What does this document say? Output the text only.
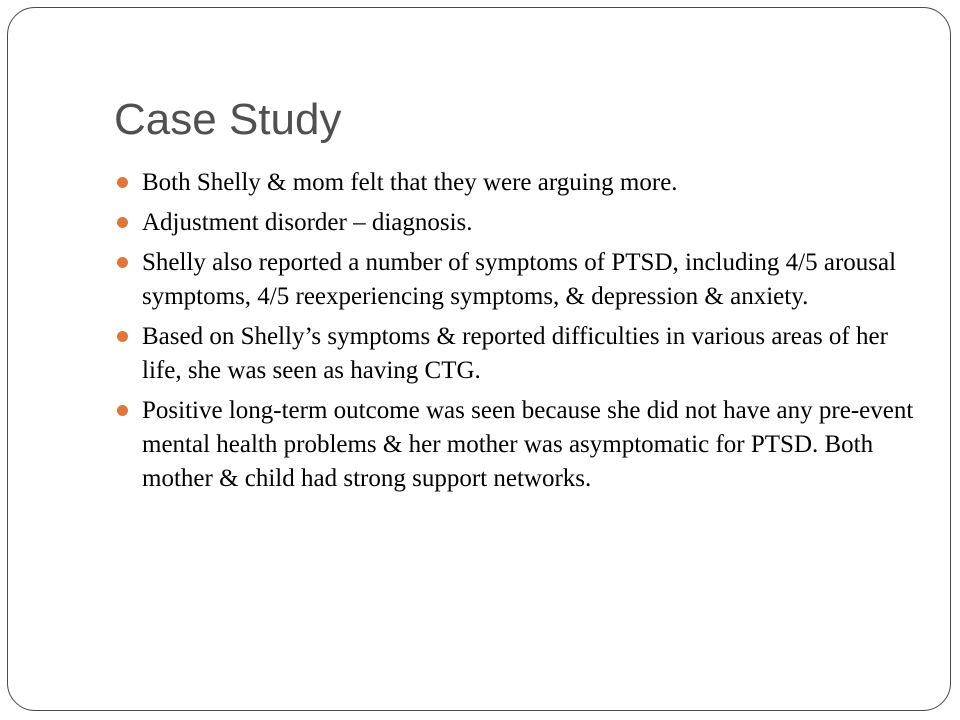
Case Study
Both Shelly & mom felt that they were arguing more.
Adjustment disorder – diagnosis.
Shelly also reported a number of symptoms of PTSD, including 4/5 arousal symptoms, 4/5 reexperiencing symptoms, & depression & anxiety.
Based on Shelly’s symptoms & reported difficulties in various areas of her life, she was seen as having CTG.
Positive long-term outcome was seen because she did not have any pre-event mental health problems & her mother was asymptomatic for PTSD. Both mother & child had strong support networks.
